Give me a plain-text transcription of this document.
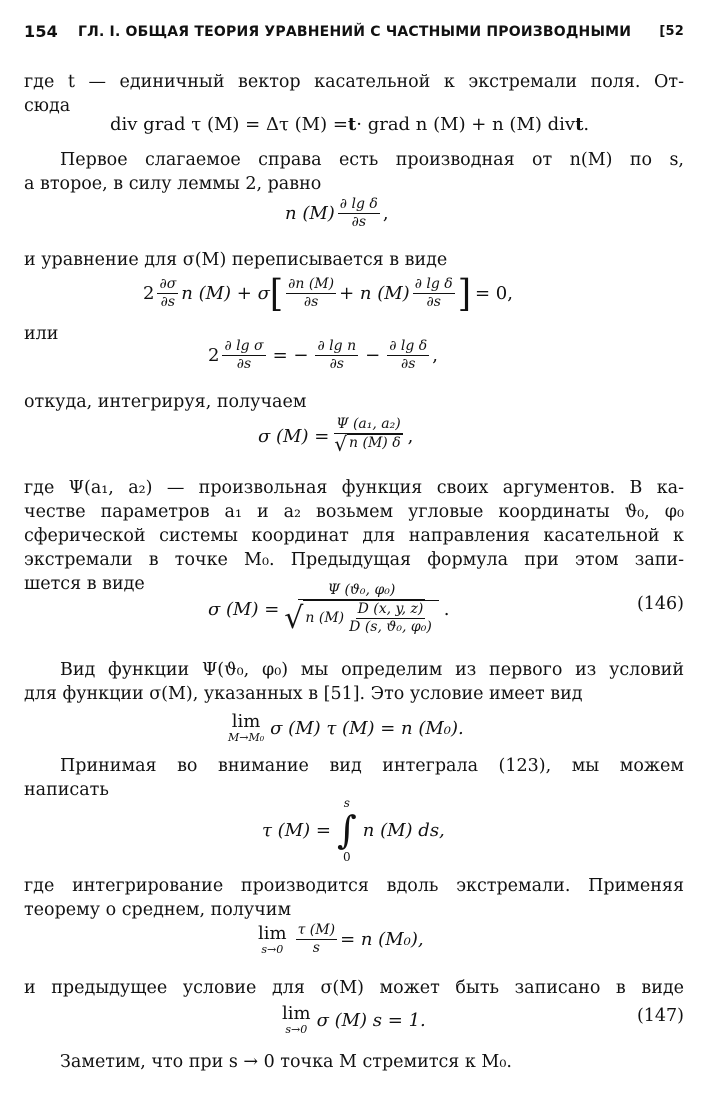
154 ГЛ. I. ОБЩАЯ ТЕОРИЯ УРАВНЕНИЙ С ЧАСТНЫМИ ПРОИЗВОДНЫМИ [52
где t — единичный вектор касательной к экстремали поля. От-
сюда
div grad τ (M) = Δτ (M) = t · grad n (M) + n (M) div t .
Первое слагаемое справа есть производная от n(M) по s,
а второе, в силу леммы 2, равно
n $(M) \frac{\text{∂ lg δ}}{\partial s}$ ,
и уравнение для σ(M) переписывается в виде
$2 \frac{\partial\sigma}{\partial s}$ n (M) + σ [ $\frac{\partial n (M)}{\partial s} + n$ $(M) \frac{\text{∂ lg δ}}{\partial s}$ ] = 0,
или
$2 \frac{\text{∂ lg σ}}{\partial s}$ = − $\frac{\text{∂ lg n}}{\partial s} - \frac{\text{∂ lg δ}}{\partial s}$ ,
откуда, интегрируя, получаем
σ $(M) = \frac{\text{Ψ (a₁, a₂)}}{√ n (M) \delta}$ ,
где Ψ(a₁, a₂) — произвольная функция своих аргументов. В ка-
честве параметров a₁ и a₂ возьмем угловые координаты ϑ₀, φ₀
сферической системы координат для направления касательной к
экстремали в точке M₀. Предыдущая формула при этом запи-
шется в виде
σ (M) =
Ψ (ϑ₀, φ₀)
√ n $(M) \frac{D (x, y, z)}{\text{D (s, ϑ₀, φ₀)}}$ .	(146)
Вид функции Ψ(ϑ₀, φ₀) мы определим из первого из условий
для функции σ(M), указанных в [51]. Это условие имеет вид
lim
M→M₀ σ (M) τ (M) = n (M₀).
Принимая во внимание вид интеграла (123), мы можем
написать
τ (M) =
s
∫
0
n (M) ds,
где интегрирование производится вдоль экстремали. Применяя
теорему о среднем, получим
lim
$s\to 0 \frac{\tau (M)}{s} = n$ (M₀),
и предыдущее условие для σ(M) может быть записано в виде
lim
s→0 σ (M) s = 1.	(147)
Заметим, что при s → 0 точка M стремится к M₀.
